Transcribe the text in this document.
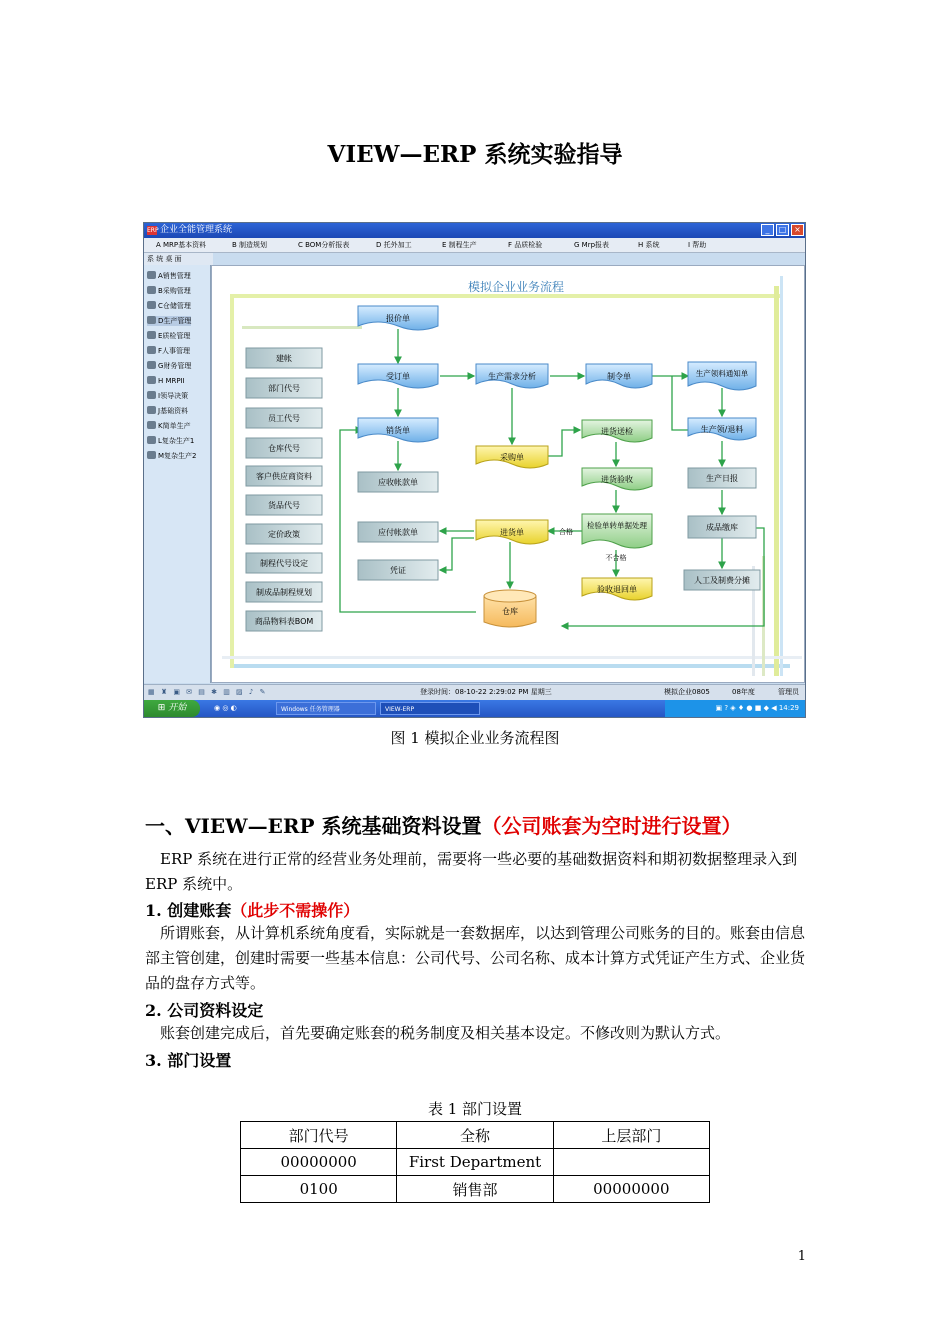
VIEW—ERP 系统实验指导
ERP企业全能管理系统	_	□ ×
A MRP基本资料	B 制造规划	C BOM分析报表	D 托外加工	E 制程生产	F 品质检验	G Mrp报表	H 系统	I 帮助
系 统 桌 面
A销售管理
B采购管理
C仓储管理
D生产管理
E质检管理
F人事管理
G财务管理
H MRPII
I领导决策
J基础资料
K简单生产
L复杂生产1
M复杂生产2
模拟企业业务流程
建帐
部门代号
员工代号
仓库代号
客户供应商资料
货品代号
定价政策
制程代号设定
制成品制程规划
商品物料表BOM
报价单
受订单
销货单
应收帐款单
应付帐款单
凭证
生产需求分析
采购单
进货单
仓库
制令单
进货送检
进货验收
检验单转单据处理
验收退回单
生产领料通知单
生产领/退料
生产日报
成品缴库
人工及制费分摊
合格
不合格
▦ ♜ ▣ ✉ ▤ ✱ ▥ ▨ ♪ ✎	登录时间：08-10-22 2:29:02 PM 星期三	模拟企业0805	08年度	管理员
⊞ 开始	◉ ◎ ◐	Windows 任务管理器	VIEW-ERP	▣ ? ◈ ♦ ● ■ ◆ ◀ 14:29
图 1 模拟企业业务流程图
一、VIEW—ERP 系统基础资料设置（公司账套为空时进行设置）

ERP 系统在进行正常的经营业务处理前，需要将一些必要的基础数据资料和期初数据整理录入到 ERP 系统中。

1. 创建账套（此步不需操作）

所谓账套，从计算机系统角度看，实际就是一套数据库，以达到管理公司账务的目的。账套由信息部主管创建，创建时需要一些基本信息：公司代号、公司名称、成本计算方式凭证产生方式、企业货品的盘存方式等。

2. 公司资料设定

账套创建完成后，首先要确定账套的税务制度及相关基本设定。不修改则为默认方式。

3. 部门设置

表 1 部门设置
部门代号	全称	上层部门
00000000	First Department	
0100	销售部	00000000
1
